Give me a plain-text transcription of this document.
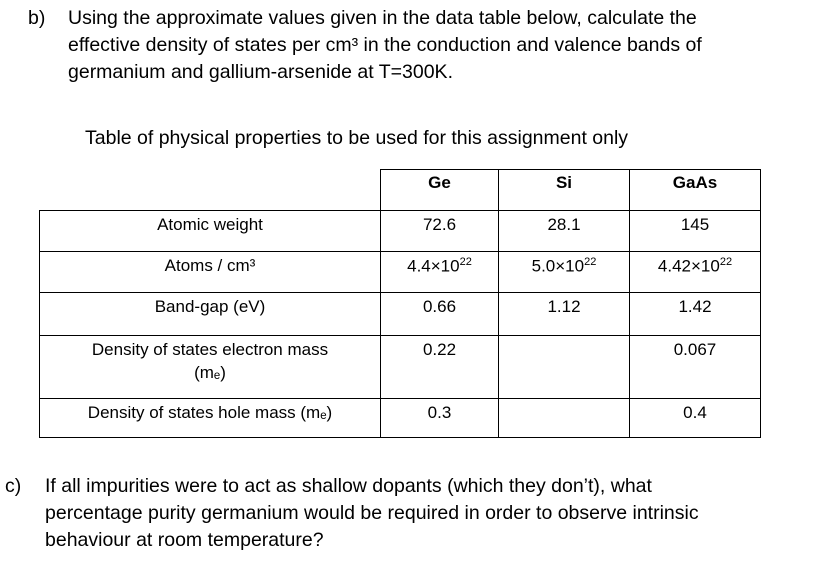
b) Using the approximate values given in the data table below, calculate the
effective density of states per cm³ in the conduction and valence bands of
germanium and gallium-arsenide at T=300K.
Table of physical properties to be used for this assignment only

	Ge	Si	GaAs

Atomic weight	72.6	28.1	145

Atoms / cm³	$4.4\times 10^{22}$	$5.0\times 10^{22}$	$4.42\times 10^{22}$

Band-gap (eV)	0.66	1.12	1.42

Density of states electron mass
(mₑ)	0.22		0.067

Density of states hole mass (mₑ)	0.3		0.4
c) If all impurities were to act as shallow dopants (which they don’t), what
percentage purity germanium would be required in order to observe intrinsic
behaviour at room temperature?
